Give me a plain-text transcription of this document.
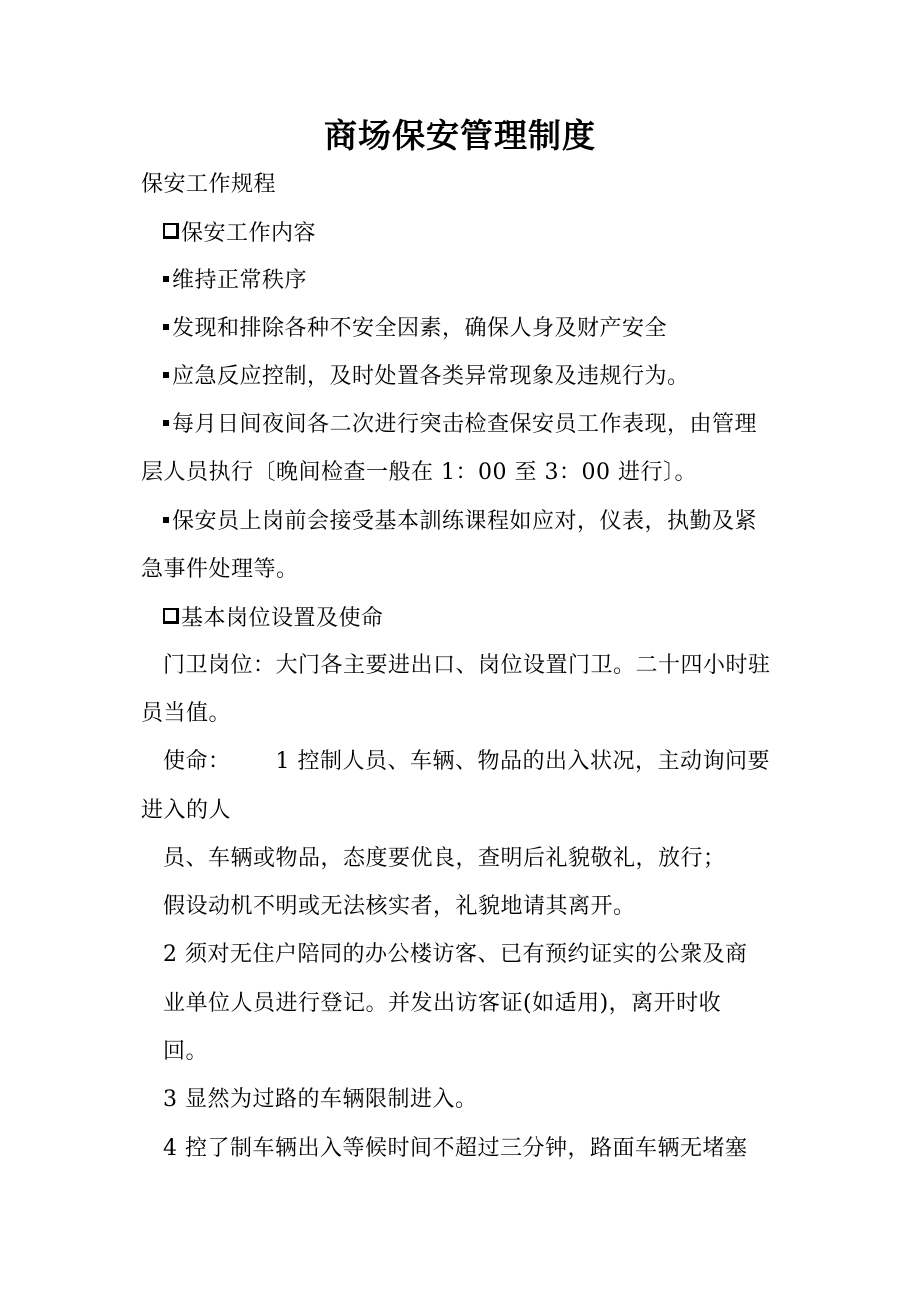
商场保安管理制度
保安工作规程
保安工作内容
维持正常秩序
发现和排除各种不安全因素，确保人身及财产安全
应急反应控制，及时处置各类异常现象及违规行为。
每月日间夜间各二次进行突击检查保安员工作表现，由管理
层人员执行〔晚间检查一般在 1：00 至 3：00 进行〕。
保安员上岗前会接受基本訓练课程如应对，仪表，执勤及紧
急事件处理等。
基本岗位设置及使命
门卫岗位：大门各主要进出口、岗位设置门卫。二十四小时驻
员当值。
使命：      1 控制人员、车辆、物品的出入状况，主动询问要
进入的人
员、车辆或物品，态度要优良，查明后礼貌敬礼，放行；
假设动机不明或无法核实者，礼貌地请其离开。
2 须对无住户陪同的办公楼访客、已有预约证实的公衆及商
业单位人员进行登记。并发出访客证(如适用)，离开时收
回。
3 显然为过路的车辆限制进入。
4 控了制车辆出入等候时间不超过三分钟，路面车辆无堵塞
